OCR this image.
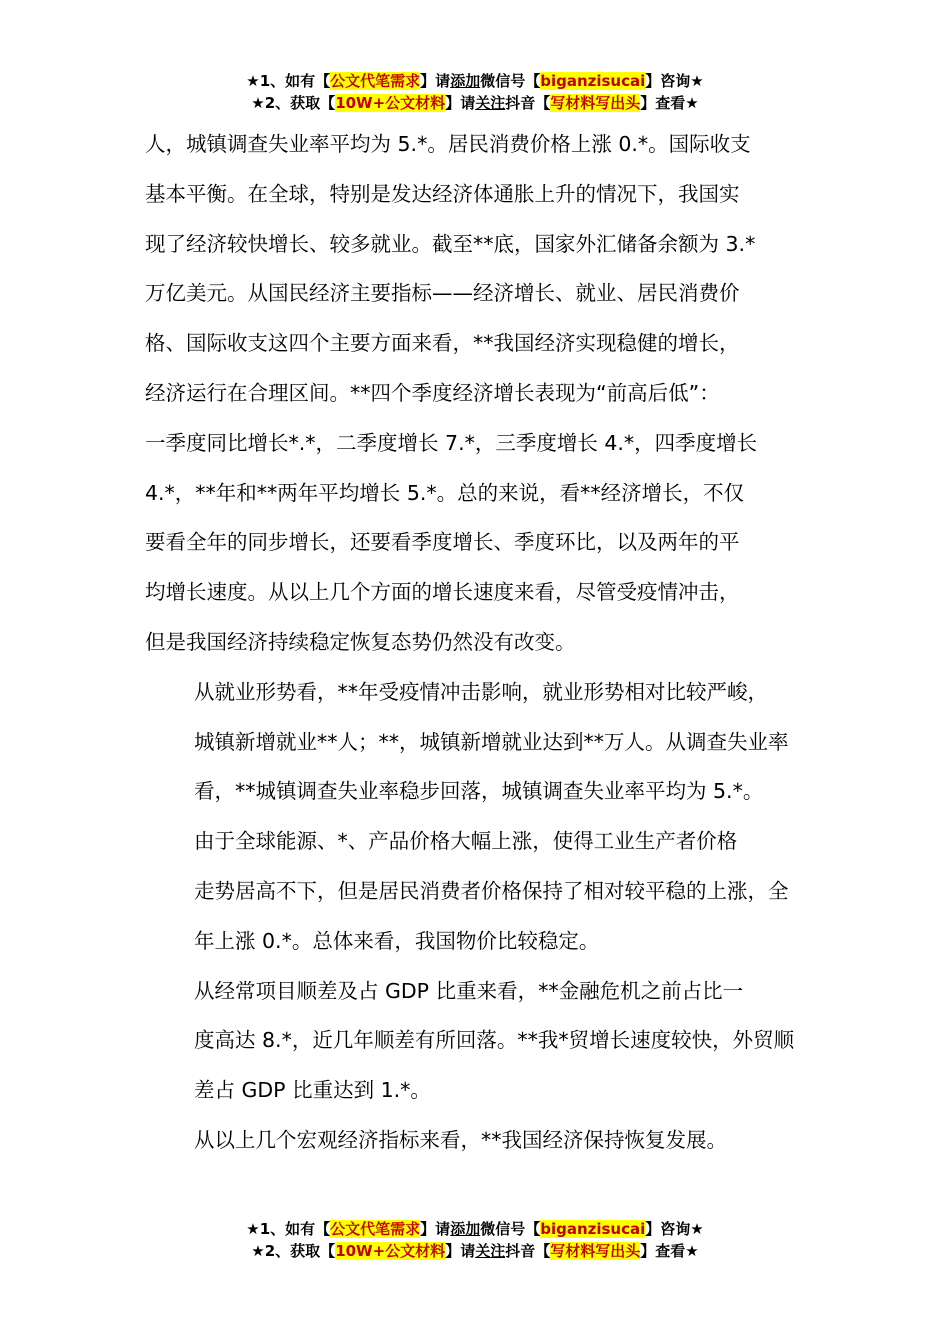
★1、如有【公文代笔需求】请添加微信号【biganzisucai】咨询★
★2、获取【10W+公文材料】请关注抖音【写材料写出头】查看★

人，城镇调查失业率平均为 5.*。居民消费价格上涨 0.*。国际收支
基本平衡。在全球，特别是发达经济体通胀上升的情况下，我国实
现了经济较快增长、较多就业。截至**底，国家外汇储备余额为 3.*
万亿美元。从国民经济主要指标——经济增长、就业、居民消费价
格、国际收支这四个主要方面来看，**我国经济实现稳健的增长，
经济运行在合理区间。**四个季度经济增长表现为“前高后低”：
一季度同比增长*.*，二季度增长 7.*，三季度增长 4.*，四季度增长
4.*，**年和**两年平均增长 5.*。总的来说，看**经济增长，不仅
要看全年的同步增长，还要看季度增长、季度环比，以及两年的平
均增长速度。从以上几个方面的增长速度来看，尽管受疫情冲击，
但是我国经济持续稳定恢复态势仍然没有改变。

从就业形势看，**年受疫情冲击影响，就业形势相对比较严峻，
城镇新增就业**人；**，城镇新增就业达到**万人。从调查失业率
看，**城镇调查失业率稳步回落，城镇调查失业率平均为 5.*。

由于全球能源、*、产品价格大幅上涨，使得工业生产者价格
走势居高不下，但是居民消费者价格保持了相对较平稳的上涨，全
年上涨 0.*。总体来看，我国物价比较稳定。

从经常项目顺差及占 GDP 比重来看，**金融危机之前占比一
度高达 8.*，近几年顺差有所回落。**我*贸增长速度较快，外贸顺
差占 GDP 比重达到 1.*。

从以上几个宏观经济指标来看，**我国经济保持恢复发展。

★1、如有【公文代笔需求】请添加微信号【biganzisucai】咨询★
★2、获取【10W+公文材料】请关注抖音【写材料写出头】查看★
